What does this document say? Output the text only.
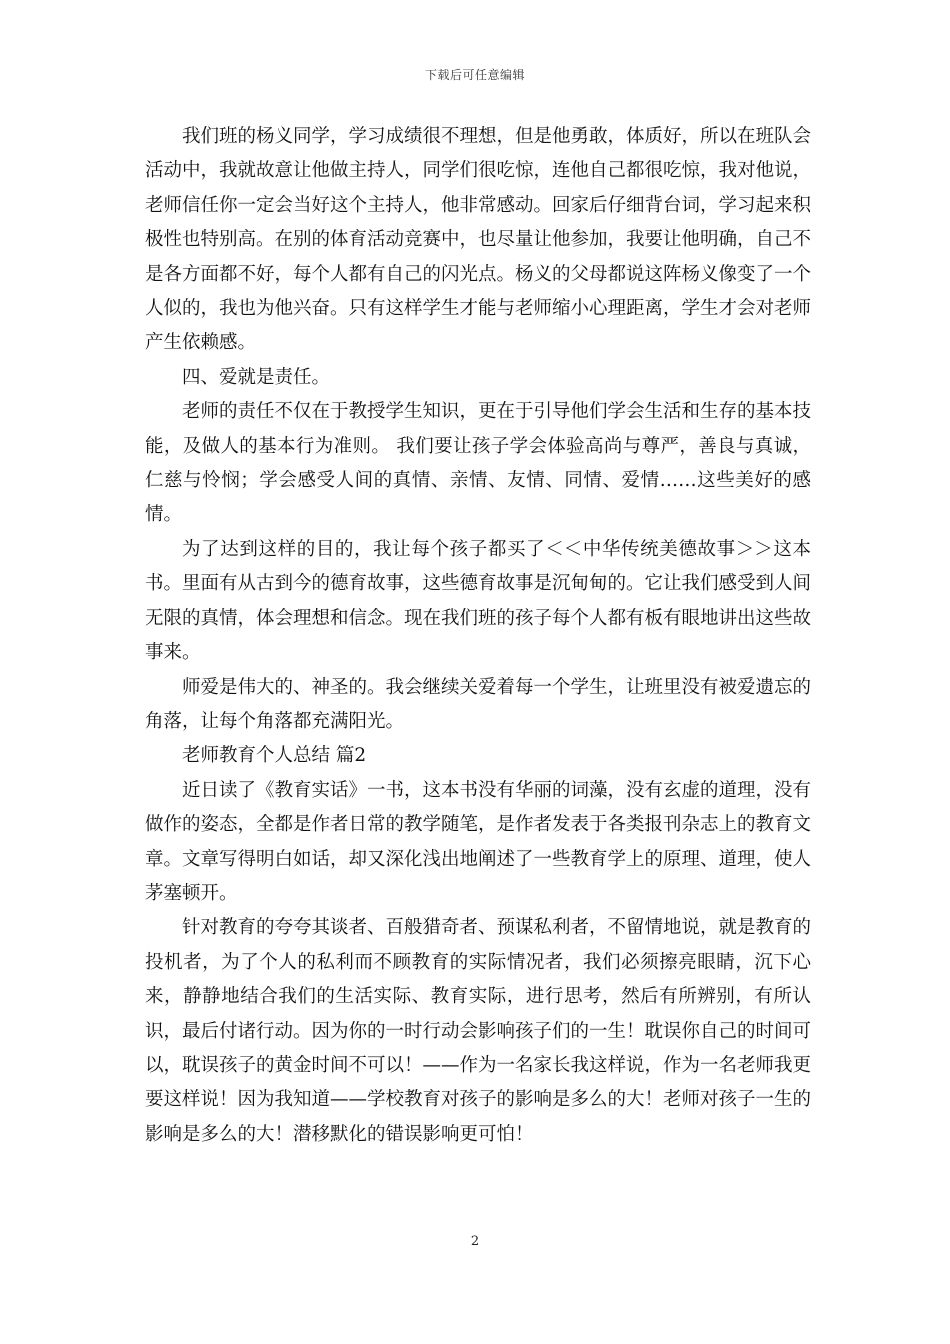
下载后可任意编辑

我们班的杨义同学，学习成绩很不理想，但是他勇敢，体质好，所以在班队会活动中，我就故意让他做主持人，同学们很吃惊，连他自己都很吃惊，我对他说，老师信任你一定会当好这个主持人，他非常感动。回家后仔细背台词，学习起来积极性也特别高。在别的体育活动竞赛中，也尽量让他参加，我要让他明确，自己不是各方面都不好，每个人都有自己的闪光点。杨义的父母都说这阵杨义像变了一个人似的，我也为他兴奋。只有这样学生才能与老师缩小心理距离，学生才会对老师产生依赖感。

四、爱就是责任。

老师的责任不仅在于教授学生知识，更在于引导他们学会生活和生存的基本技能，及做人的基本行为准则。 我们要让孩子学会体验高尚与尊严，善良与真诚，仁慈与怜悯；学会感受人间的真情、亲情、友情、同情、爱情……这些美好的感情。

为了达到这样的目的，我让每个孩子都买了＜＜中华传统美德故事＞＞这本书。里面有从古到今的德育故事，这些德育故事是沉甸甸的。它让我们感受到人间无限的真情，体会理想和信念。现在我们班的孩子每个人都有板有眼地讲出这些故事来。

师爱是伟大的、神圣的。我会继续关爱着每一个学生，让班里没有被爱遗忘的角落，让每个角落都充满阳光。

老师教育个人总结 篇2

近日读了《教育实话》一书，这本书没有华丽的词藻，没有玄虚的道理，没有做作的姿态，全都是作者日常的教学随笔，是作者发表于各类报刊杂志上的教育文章。文章写得明白如话，却又深化浅出地阐述了一些教育学上的原理、道理，使人茅塞顿开。

针对教育的夸夸其谈者、百般猎奇者、预谋私利者，不留情地说，就是教育的投机者，为了个人的私利而不顾教育的实际情况者，我们必须擦亮眼睛，沉下心来，静静地结合我们的生活实际、教育实际，进行思考，然后有所辨别，有所认识，最后付诸行动。因为你的一时行动会影响孩子们的一生！耽误你自己的时间可以，耽误孩子的黄金时间不可以！——作为一名家长我这样说，作为一名老师我更要这样说！因为我知道——学校教育对孩子的影响是多么的大！老师对孩子一生的影响是多么的大！潜移默化的错误影响更可怕！

2
